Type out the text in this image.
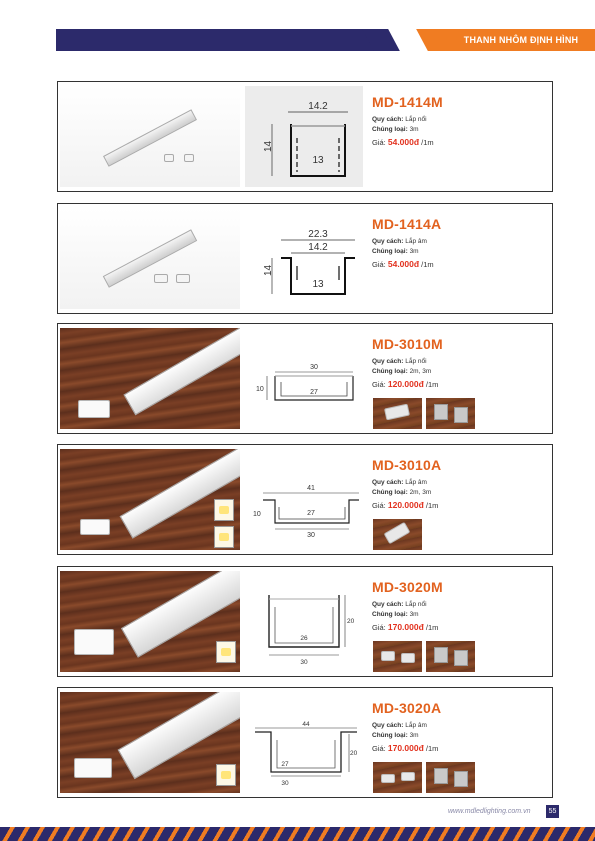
THANH NHÔM ĐỊNH HÌNH
14.2
14
13
MD-1414M
Quy cách: Lắp nổi
Chủng loại: 3m
Giá: 54.000đ /1m
22.3
14.2
14
13
MD-1414A
Quy cách: Lắp âm
Chủng loại: 3m
Giá: 54.000đ /1m
30
10	27
MD-3010M
Quy cách: Lắp nổi
Chủng loại: 2m, 3m
Giá: 120.000đ /1m
41
10	27
30
MD-3010A
Quy cách: Lắp âm
Chủng loại: 2m, 3m
Giá: 120.000đ /1m
20
26
30
MD-3020M
Quy cách: Lắp nổi
Chủng loại: 3m
Giá: 170.000đ /1m
44
20
27
30
MD-3020A
Quy cách: Lắp âm
Chủng loại: 3m
Giá: 170.000đ /1m
www.mdledlighting.com.vn	55
